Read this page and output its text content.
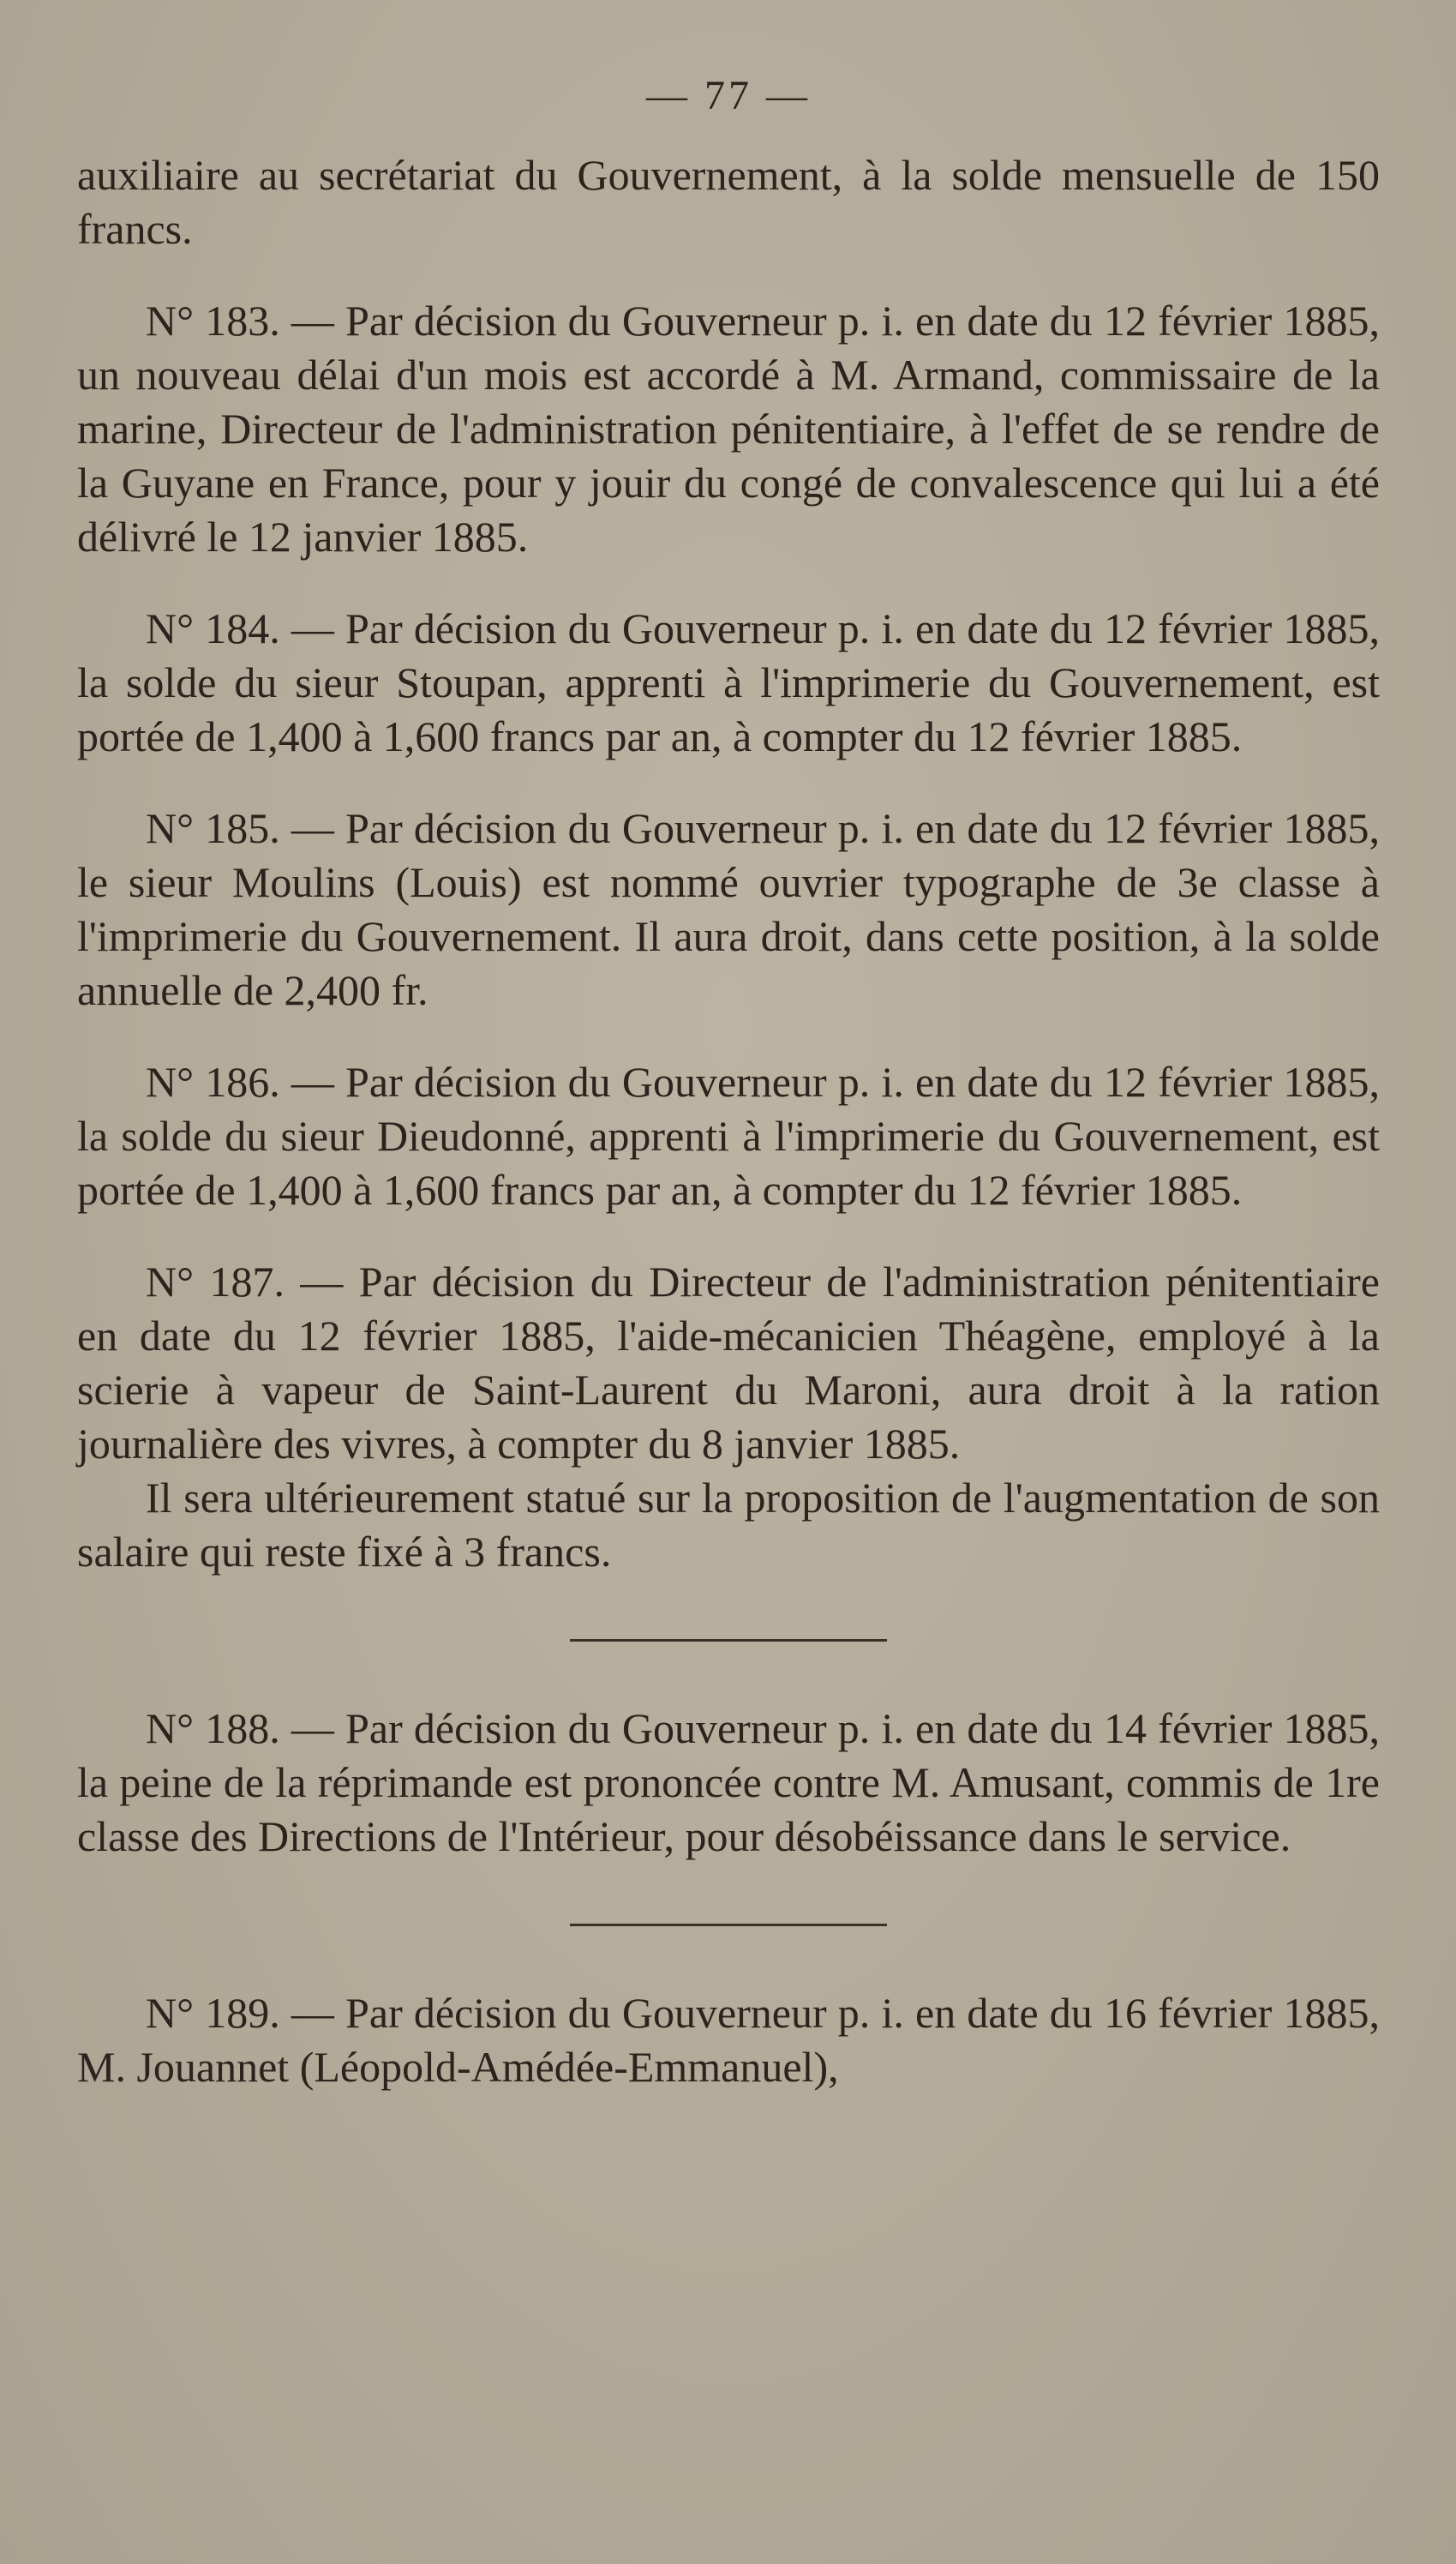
— 77 —

auxiliaire au secrétariat du Gouvernement, à la solde mensuelle de 150 francs.

N° 183. — Par décision du Gouverneur p. i. en date du 12 février 1885, un nouveau délai d'un mois est accordé à M. Armand, commissaire de la marine, Directeur de l'administration pénitentiaire, à l'effet de se rendre de la Guyane en France, pour y jouir du congé de convalescence qui lui a été délivré le 12 janvier 1885.

N° 184. — Par décision du Gouverneur p. i. en date du 12 février 1885, la solde du sieur Stoupan, apprenti à l'imprimerie du Gouvernement, est portée de 1,400 à 1,600 francs par an, à compter du 12 février 1885.

N° 185. — Par décision du Gouverneur p. i. en date du 12 février 1885, le sieur Moulins (Louis) est nommé ouvrier typographe de 3e classe à l'imprimerie du Gouvernement. Il aura droit, dans cette position, à la solde annuelle de 2,400 fr.

N° 186. — Par décision du Gouverneur p. i. en date du 12 février 1885, la solde du sieur Dieudonné, apprenti à l'imprimerie du Gouvernement, est portée de 1,400 à 1,600 francs par an, à compter du 12 février 1885.

N° 187. — Par décision du Directeur de l'administration pénitentiaire en date du 12 février 1885, l'aide-mécanicien Théagène, employé à la scierie à vapeur de Saint-Laurent du Maroni, aura droit à la ration journalière des vivres, à compter du 8 janvier 1885.

Il sera ultérieurement statué sur la proposition de l'augmentation de son salaire qui reste fixé à 3 francs.

N° 188. — Par décision du Gouverneur p. i. en date du 14 février 1885, la peine de la réprimande est prononcée contre M. Amusant, commis de 1re classe des Directions de l'Intérieur, pour désobéissance dans le service.

N° 189. — Par décision du Gouverneur p. i. en date du 16 février 1885, M. Jouannet (Léopold-Amédée-Emmanuel),
